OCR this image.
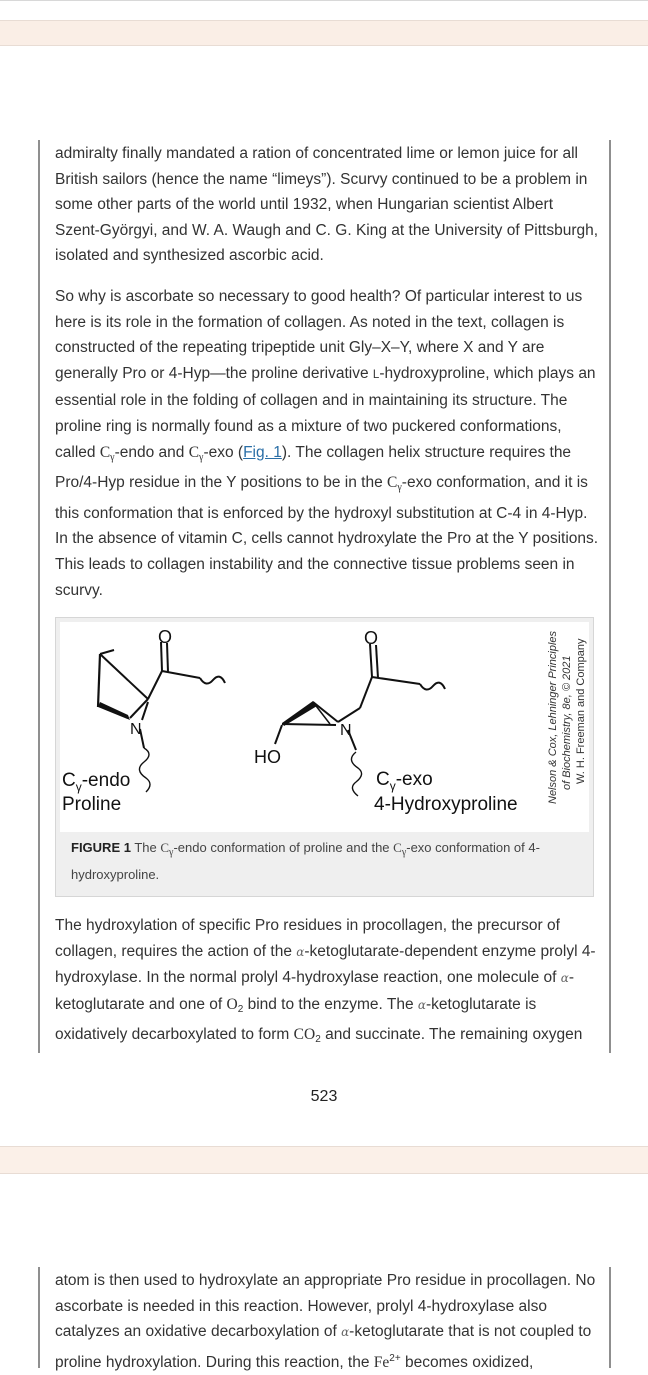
admiralty finally mandated a ration of concentrated lime or lemon juice for all British sailors (hence the name “limeys”). Scurvy continued to be a problem in some other parts of the world until 1932, when Hungarian scientist Albert Szent-Györgyi, and W. A. Waugh and C. G. King at the University of Pittsburgh, isolated and synthesized ascorbic acid.

So why is ascorbate so necessary to good health? Of particular interest to us here is its role in the formation of collagen. As noted in the text, collagen is constructed of the repeating tripeptide unit Gly–X–Y, where X and Y are generally Pro or 4-Hyp—the proline derivative L-hydroxyproline, which plays an essential role in the folding of collagen and in maintaining its structure. The proline ring is normally found as a mixture of two puckered conformations, called $C_\gamma$-endo and $C_\gamma$-exo (Fig. 1). The collagen helix structure requires the Pro/4-Hyp residue in the Y positions to be in the $C_\gamma$-exo conformation, and it is this conformation that is enforced by the hydroxyl substitution at C-4 in 4-Hyp. In the absence of vitamin C, cells cannot hydroxylate the Pro at the Y positions. This leads to collagen instability and the connective tissue problems seen in scurvy.

O
N
O
N
HO
$C_\gamma$-endo
Proline
$C_\gamma$-exo
4-Hydroxyproline
Nelson & Cox, Lehninger Principles of Biochemistry, 8e, © 2021 W. H. Freeman and Company
FIGURE 1 The $C_\gamma$-endo conformation of proline and the $C_\gamma$-exo conformation of 4-hydroxyproline.

The hydroxylation of specific Pro residues in procollagen, the precursor of collagen, requires the action of the α-ketoglutarate-dependent enzyme prolyl 4-hydroxylase. In the normal prolyl 4-hydroxylase reaction, one molecule of α-ketoglutarate and one of $O_2$ bind to the enzyme. The α-ketoglutarate is oxidatively decarboxylated to form $CO_2$ and succinate. The remaining oxygen

523

atom is then used to hydroxylate an appropriate Pro residue in procollagen. No ascorbate is needed in this reaction. However, prolyl 4-hydroxylase also catalyzes an oxidative decarboxylation of α-ketoglutarate that is not coupled to proline hydroxylation. During this reaction, the $Fe^{2+}$ becomes oxidized,
